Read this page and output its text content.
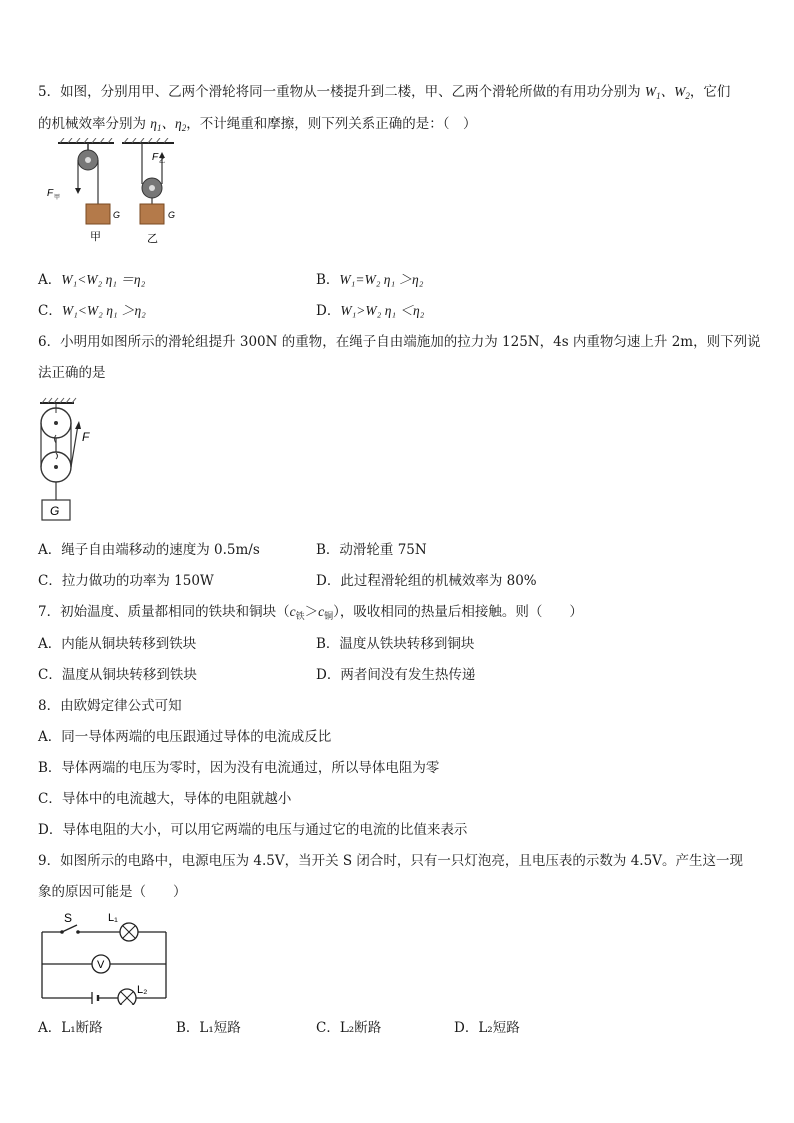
5．如图，分别用甲、乙两个滑轮将同一重物从一楼提升到二楼，甲、乙两个滑轮所做的有用功分别为 $W_1$、$W_2$，它们
的机械效率分别为 $\eta_1$、$\eta_2$，不计绳重和摩擦，则下列关系正确的是：（　）
F 甲
G
甲
F 乙
G
乙
A．W₁<W₂ η₁ ＝η₂	B．W₁=W₂ η₁ ＞η₂
C．W₁<W₂ η₁ ＞η₂	D．W₁>W₂ η₁ ＜η₂
6．小明用如图所示的滑轮组提升 300N 的重物，在绳子自由端施加的拉力为 125N，4s 内重物匀速上升 2m，则下列说
法正确的是
F
G
A．绳子自由端移动的速度为 0.5m/s	B．动滑轮重 75N
C．拉力做功的功率为 150W	D．此过程滑轮组的机械效率为 80%
7．初始温度、质量都相同的铁块和铜块$(c_铁>c_铜)$，吸收相同的热量后相接触。则（　　）
A．内能从铜块转移到铁块	B．温度从铁块转移到铜块
C．温度从铜块转移到铁块	D．两者间没有发生热传递
8．由欧姆定律公式可知
A．同一导体两端的电压跟通过导体的电流成反比
B．导体两端的电压为零时，因为没有电流通过，所以导体电阻为零
C．导体中的电流越大，导体的电阻就越小
D．导体电阻的大小，可以用它两端的电压与通过它的电流的比值来表示
9．如图所示的电路中，电源电压为 4.5V，当开关 S 闭合时，只有一只灯泡亮，且电压表的示数为 4.5V。产生这一现
象的原因可能是（　　）
S	L₁
V
L₂
A．L₁断路	B．L₁短路	C．L₂断路	D．L₂短路
